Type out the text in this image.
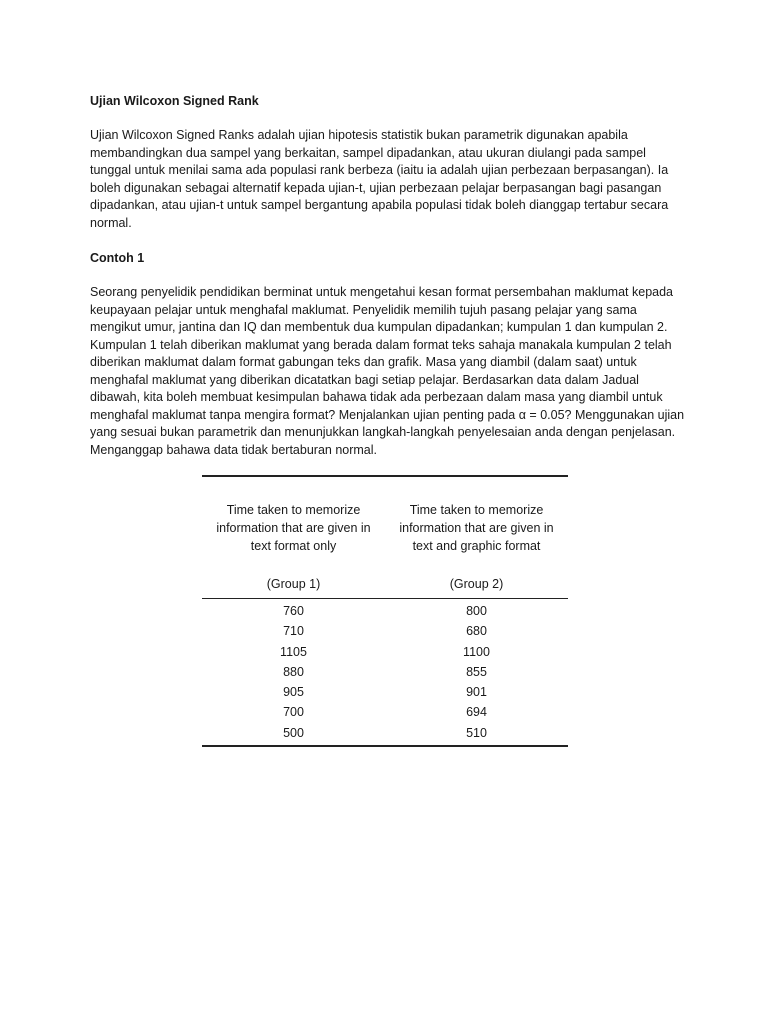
Ujian Wilcoxon Signed Rank

Ujian Wilcoxon Signed Ranks adalah ujian hipotesis statistik bukan parametrik digunakan apabila membandingkan dua sampel yang berkaitan, sampel dipadankan, atau ukuran diulangi pada sampel tunggal untuk menilai sama ada populasi rank berbeza (iaitu ia adalah ujian perbezaan berpasangan). Ia boleh digunakan sebagai alternatif kepada ujian-t, ujian perbezaan pelajar berpasangan bagi pasangan dipadankan, atau ujian-t untuk sampel bergantung apabila populasi tidak boleh dianggap tertabur secara normal.

Contoh 1

Seorang penyelidik pendidikan berminat untuk mengetahui kesan format persembahan maklumat kepada keupayaan pelajar untuk menghafal maklumat. Penyelidik memilih tujuh pasang pelajar yang sama mengikut umur, jantina dan IQ dan membentuk dua kumpulan dipadankan; kumpulan 1 dan kumpulan 2. Kumpulan 1 telah diberikan maklumat yang berada dalam format teks sahaja manakala kumpulan 2 telah diberikan maklumat dalam format gabungan teks dan grafik. Masa yang diambil (dalam saat) untuk menghafal maklumat yang diberikan dicatatkan bagi setiap pelajar. Berdasarkan data dalam Jadual dibawah, kita boleh membuat kesimpulan bahawa tidak ada perbezaan dalam masa yang diambil untuk menghafal maklumat tanpa mengira format? Menjalankan ujian penting pada α = 0.05? Menggunakan ujian yang sesuai bukan parametrik dan menunjukkan langkah-langkah penyelesaian anda dengan penjelasan. Menganggap bahawa data tidak bertaburan normal.

Time taken to memorize information that are given in text format only	Time taken to memorize information that are given in text and graphic format
(Group 1)	(Group 2)
760	800
710	680
1105	1100
880	855
905	901
700	694
500	510
